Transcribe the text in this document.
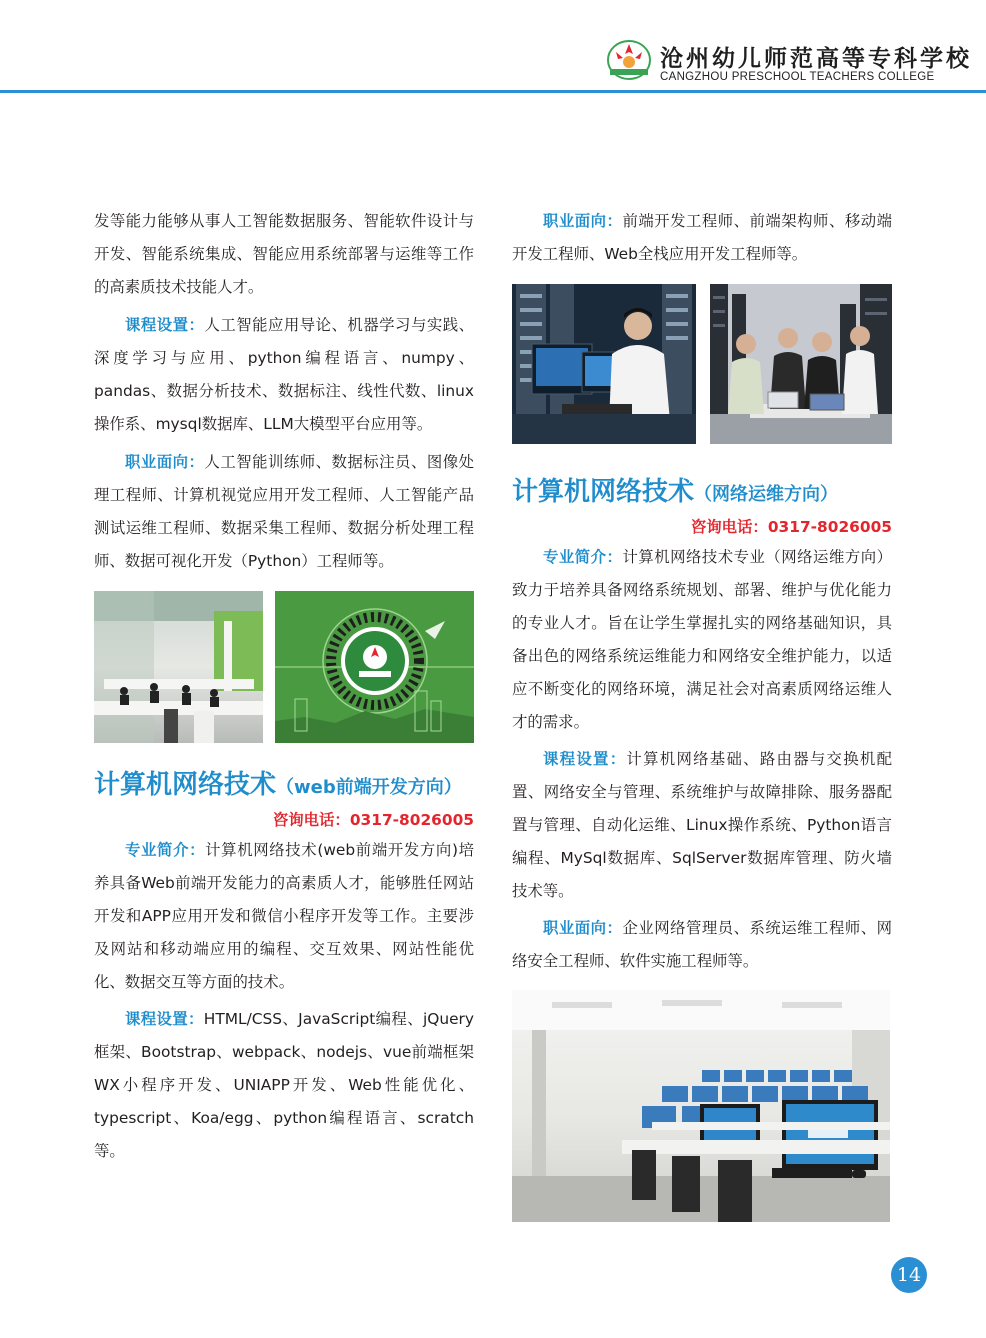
沧州幼儿师范高等专科学校
CANGZHOU PRESCHOOL TEACHERS COLLEGE

发等能力能够从事人工智能数据服务、智能软件设计与开发、智能系统集成、智能应用系统部署与运维等工作的高素质技术技能人才。

课程设置：人工智能应用导论、机器学习与实践、深度学习与应用、python编程语言、numpy、pandas、数据分析技术、数据标注、线性代数、linux操作系、mysql数据库、LLM大模型平台应用等。

职业面向：人工智能训练师、数据标注员、图像处理工程师、计算机视觉应用开发工程师、人工智能产品测试运维工程师、数据采集工程师、数据分析处理工程师、数据可视化开发（Python）工程师等。

计算机网络技术（web前端开发方向）

咨询电话：0317-8026005

专业简介：计算机网络技术(web前端开发方向)培养具备Web前端开发能力的高素质人才，能够胜任网站开发和APP应用开发和微信小程序开发等工作。主要涉及网站和移动端应用的编程、交互效果、网站性能优化、数据交互等方面的技术。

课程设置：HTML/CSS、JavaScript编程、jQuery框架、Bootstrap、webpack、nodejs、vue前端框架 WX小程序开发、UNIAPP开发、Web性能优化、typescript、Koa/egg、python编程语言、scratch等。

职业面向：前端开发工程师、前端架构师、移动端开发工程师、Web全栈应用开发工程师等。

计算机网络技术（网络运维方向）

咨询电话：0317-8026005

专业简介：计算机网络技术专业（网络运维方向）致力于培养具备网络系统规划、部署、维护与优化能力的专业人才。旨在让学生掌握扎实的网络基础知识，具备出色的网络系统运维能力和网络安全维护能力，以适应不断变化的网络环境，满足社会对高素质网络运维人才的需求。

课程设置：计算机网络基础、路由器与交换机配置、网络安全与管理、系统维护与故障排除、服务器配置与管理、自动化运维、Linux操作系统、Python语言编程、MySql数据库、SqlServer数据库管理、防火墙技术等。

职业面向：企业网络管理员、系统运维工程师、网络安全工程师、软件实施工程师等。

14
